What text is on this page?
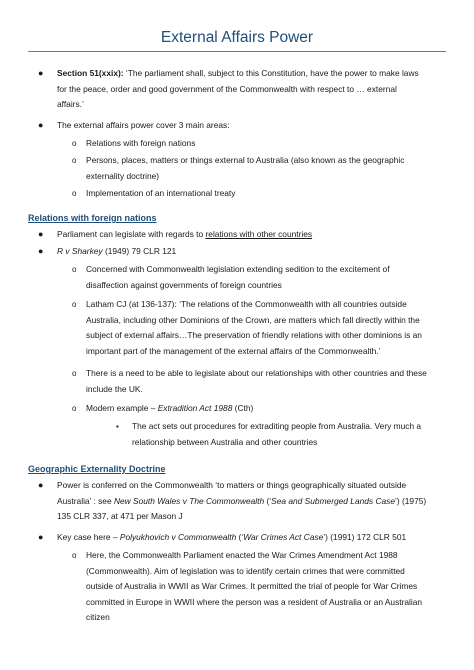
External Affairs Power
● Section 51(xxix): ‘The parliament shall, subject to this Constitution, have the power to make laws
for the peace, order and good government of the Commonwealth with respect to … external
affairs.’
● The external affairs power cover 3 main areas:
o Relations with foreign nations
o Persons, places, matters or things external to Australia (also known as the geographic
externality doctrine)
o Implementation of an international treaty
Relations with foreign nations
● Parliament can legislate with regards to relations with other countries
● R v Sharkey (1949) 79 CLR 121
o Concerned with Commonwealth legislation extending sedition to the excitement of
disaffection against governments of foreign countries
o Latham CJ (at 136-137): ‘The relations of the Commonwealth with all countries outside
Australia, including other Dominions of the Crown, are matters which fall directly within the
subject of external affairs…The preservation of friendly relations with other dominions is an
important part of the management of the external affairs of the Commonwealth.’
o There is a need to be able to legislate about our relationships with other countries and these
include the UK.
o Modern example – Extradition Act 1988 (Cth)
▪ The act sets out procedures for extraditing people from Australia. Very much a
relationship between Australia and other countries
Geographic Externality Doctrine
● Power is conferred on the Commonwealth ‘to matters or things geographically situated outside
Australia’ : see New South Wales v The Commonwealth (‘Sea and Submerged Lands Case’) (1975)
135 CLR 337, at 471 per Mason J
● Key case here – Polyukhovich v Commonwealth (‘War Crimes Act Case’) (1991) 172 CLR 501
o Here, the Commonwealth Parliament enacted the War Crimes Amendment Act 1988
(Commonwealth). Aim of legislation was to identify certain crimes that were committed
outside of Australia in WWII as War Crimes. It permitted the trial of people for War Crimes
committed in Europe in WWII where the person was a resident of Australia or an Australian
citizen
